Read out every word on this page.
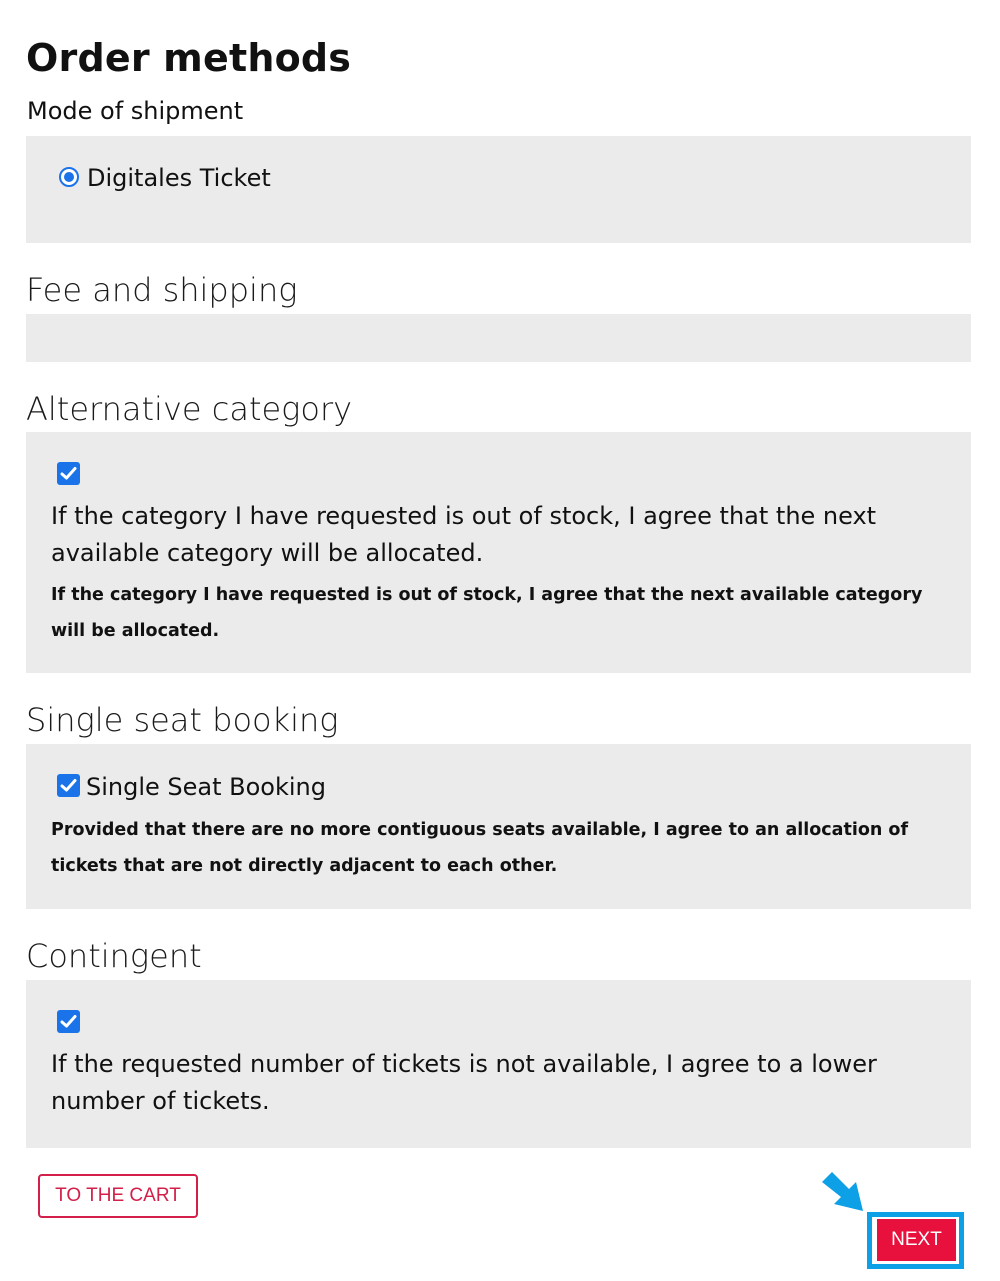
Order methods
Mode of shipment
Digitales Ticket
Fee and shipping
Alternative category
If the category I have requested is out of stock, I agree that the next available category will be allocated.
If the category I have requested is out of stock, I agree that the next available category will be allocated.
Single seat booking
Single Seat Booking
Provided that there are no more contiguous seats available, I agree to an allocation of tickets that are not directly adjacent to each other.
Contingent
If the requested number of tickets is not available, I agree to a lower number of tickets.
TO THE CART
NEXT
